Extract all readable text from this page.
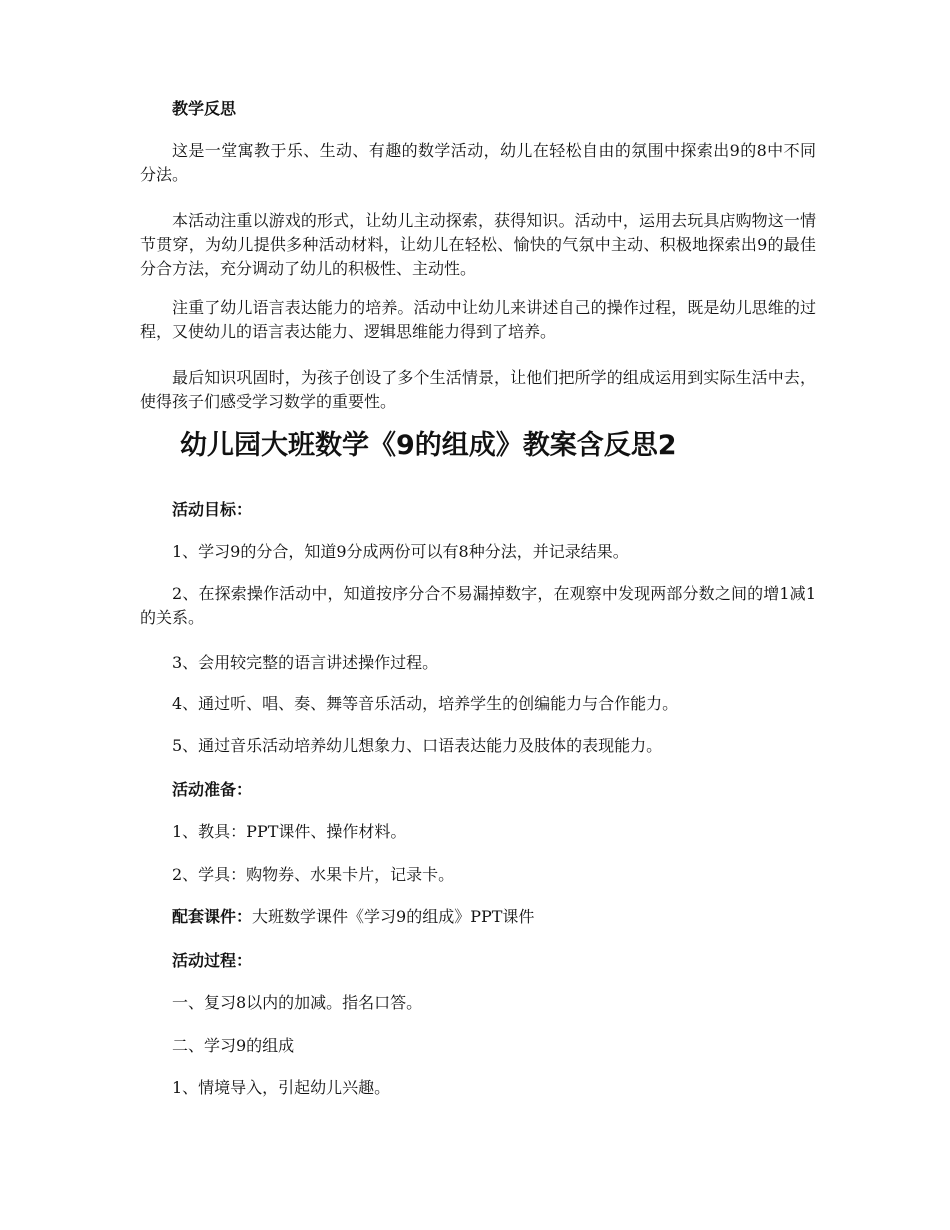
教学反思

这是一堂寓教于乐、生动、有趣的数学活动，幼儿在轻松自由的氛围中探索出9的8中不同分法。

本活动注重以游戏的形式，让幼儿主动探索，获得知识。活动中，运用去玩具店购物这一情节贯穿，为幼儿提供多种活动材料，让幼儿在轻松、愉快的气氛中主动、积极地探索出9的最佳分合方法，充分调动了幼儿的积极性、主动性。

注重了幼儿语言表达能力的培养。活动中让幼儿来讲述自己的操作过程，既是幼儿思维的过程，又使幼儿的语言表达能力、逻辑思维能力得到了培养。

最后知识巩固时，为孩子创设了多个生活情景，让他们把所学的组成运用到实际生活中去，使得孩子们感受学习数学的重要性。

幼儿园大班数学《9的组成》教案含反思2

活动目标：

1、学习9的分合，知道9分成两份可以有8种分法，并记录结果。

2、在探索操作活动中，知道按序分合不易漏掉数字，在观察中发现两部分数之间的增1减1的关系。

3、会用较完整的语言讲述操作过程。

4、通过听、唱、奏、舞等音乐活动，培养学生的创编能力与合作能力。

5、通过音乐活动培养幼儿想象力、口语表达能力及肢体的表现能力。

活动准备：

1、教具：PPT课件、操作材料。

2、学具：购物券、水果卡片，记录卡。

配套课件：大班数学课件《学习9的组成》PPT课件

活动过程：

一、复习8以内的加减。指名口答。

二、学习9的组成

1、情境导入，引起幼儿兴趣。
